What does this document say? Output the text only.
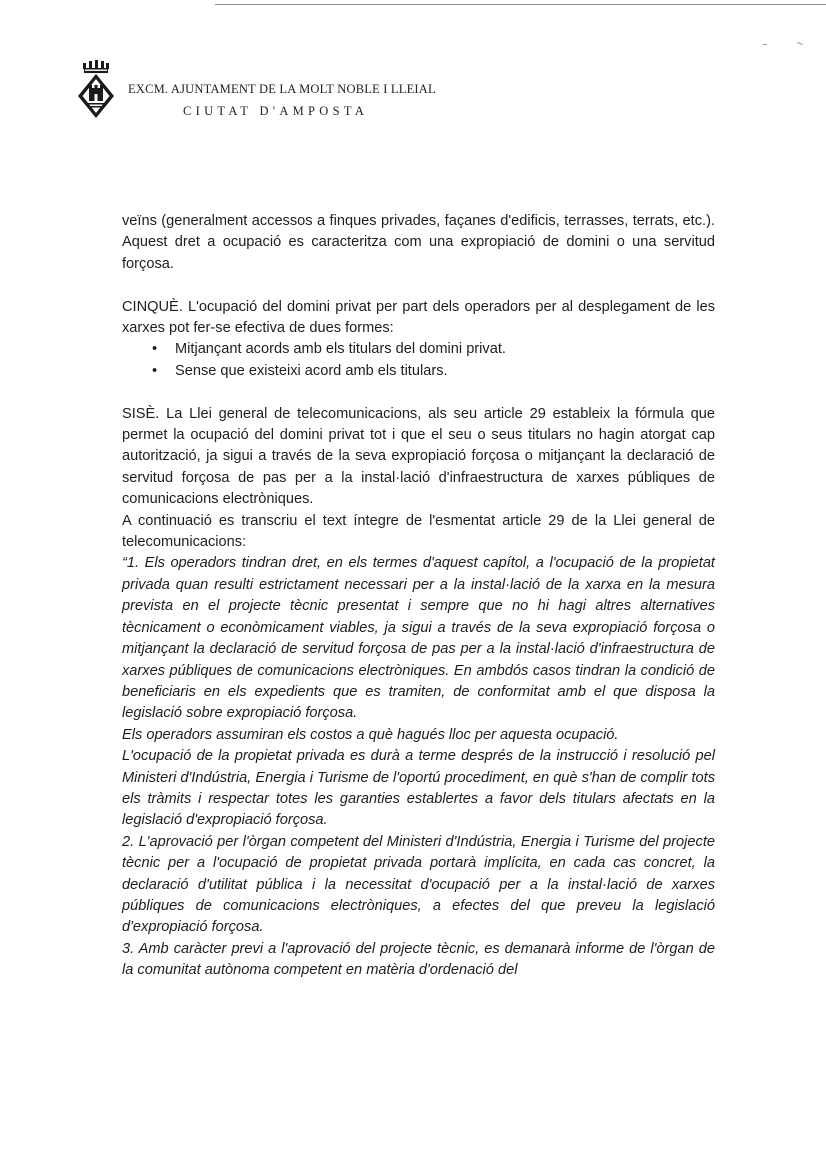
EXCM. AJUNTAMENT DE LA MOLT NOBLE I LLEIAL
CIUTAT D'AMPOSTA

veïns (generalment accessos a finques privades, façanes d'edificis, terrasses, terrats, etc.). Aquest dret a ocupació es caracteritza com una expropiació de domini o una servitud forçosa.

CINQUÈ. L'ocupació del domini privat per part dels operadors per al desplegament de les xarxes pot fer-se efectiva de dues formes:

• Mitjançant acords amb els titulars del domini privat.
• Sense que existeixi acord amb els titulars.

SISÈ. La Llei general de telecomunicacions, als seu article 29 estableix la fórmula que permet la ocupació del domini privat tot i que el seu o seus titulars no hagin atorgat cap autorització, ja sigui a través de la seva expropiació forçosa o mitjançant la declaració de servitud forçosa de pas per a la instal·lació d'infraestructura de xarxes públiques de comunicacions electròniques.

A continuació es transcriu el text íntegre de l'esmentat article 29 de la Llei general de telecomunicacions:

“1. Els operadors tindran dret, en els termes d'aquest capítol, a l'ocupació de la propietat privada quan resulti estrictament necessari per a la instal·lació de la xarxa en la mesura prevista en el projecte tècnic presentat i sempre que no hi hagi altres alternatives tècnicament o econòmicament viables, ja sigui a través de la seva expropiació forçosa o mitjançant la declaració de servitud forçosa de pas per a la instal·lació d'infraestructura de xarxes públiques de comunicacions electròniques. En ambdós casos tindran la condició de beneficiaris en els expedients que es tramiten, de conformitat amb el que disposa la legislació sobre expropiació forçosa.

Els operadors assumiran els costos a què hagués lloc per aquesta ocupació.

L'ocupació de la propietat privada es durà a terme després de la instrucció i resolució pel Ministeri d'Indústria, Energia i Turisme de l'oportú procediment, en què s'han de complir tots els tràmits i respectar totes les garanties establertes a favor dels titulars afectats en la legislació d'expropiació forçosa.

2. L'aprovació per l'òrgan competent del Ministeri d'Indústria, Energia i Turisme del projecte tècnic per a l'ocupació de propietat privada portarà implícita, en cada cas concret, la declaració d'utilitat pública i la necessitat d'ocupació per a la instal·lació de xarxes públiques de comunicacions electròniques, a efectes del que preveu la legislació d'expropiació forçosa.

3. Amb caràcter previ a l'aprovació del projecte tècnic, es demanarà informe de l'òrgan de la comunitat autònoma competent en matèria d'ordenació del
